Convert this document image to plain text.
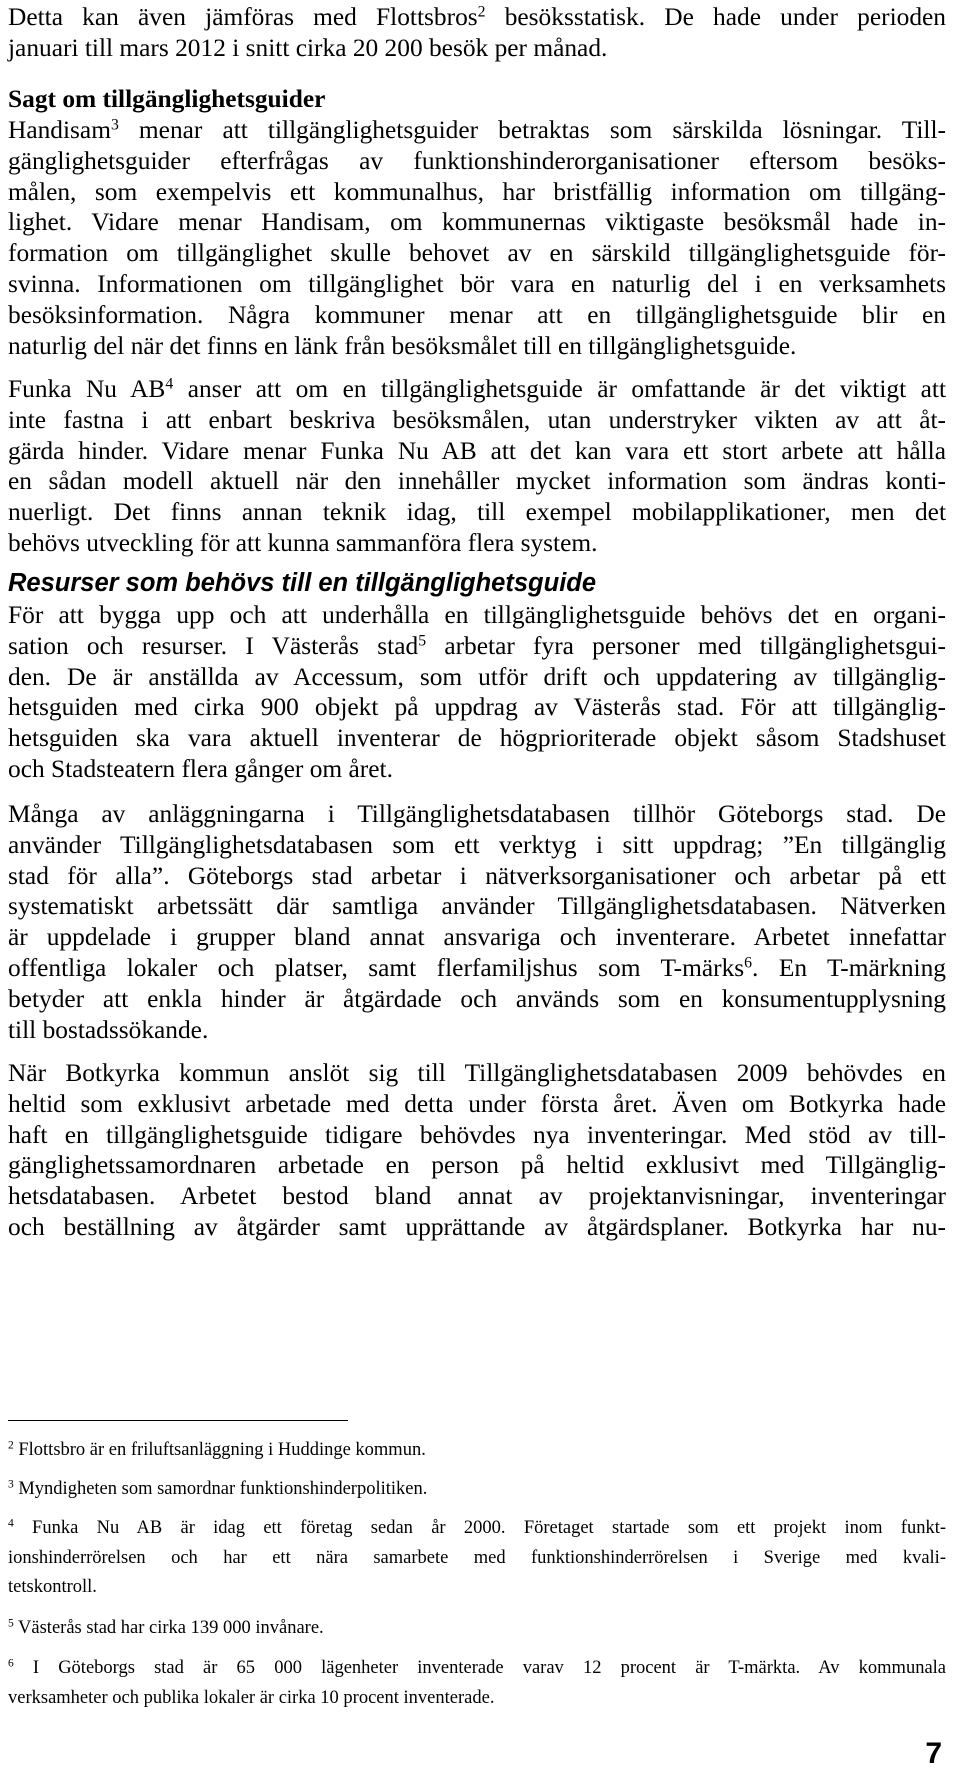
Detta kan även jämföras med Flottsbros$^2$ besöksstatisk. De hade under perioden
januari till mars 2012 i snitt cirka 20 200 besök per månad.

Sagt om tillgänglighetsguider

Handisam$^3$ menar att tillgänglighetsguider betraktas som särskilda lösningar. Till-
gänglighetsguider efterfrågas av funktionshinderorganisationer eftersom besöks-
målen, som exempelvis ett kommunalhus, har bristfällig information om tillgäng-
lighet. Vidare menar Handisam, om kommunernas viktigaste besöksmål hade in-
formation om tillgänglighet skulle behovet av en särskild tillgänglighetsguide för-
svinna. Informationen om tillgänglighet bör vara en naturlig del i en verksamhets
besöksinformation. Några kommuner menar att en tillgänglighetsguide blir en
naturlig del när det finns en länk från besöksmålet till en tillgänglighetsguide.

Funka Nu $AB^4$ anser att om en tillgänglighetsguide är omfattande är det viktigt att
inte fastna i att enbart beskriva besöksmålen, utan understryker vikten av att åt-
gärda hinder. Vidare menar Funka Nu AB att det kan vara ett stort arbete att hålla
en sådan modell aktuell när den innehåller mycket information som ändras konti-
nuerligt. Det finns annan teknik idag, till exempel mobilapplikationer, men det
behövs utveckling för att kunna sammanföra flera system.

Resurser som behövs till en tillgänglighetsguide

För att bygga upp och att underhålla en tillgänglighetsguide behövs det en organi-
sation och resurser. I Västerås stad$^5$ arbetar fyra personer med tillgänglighetsgui-
den. De är anställda av Accessum, som utför drift och uppdatering av tillgänglig-
hetsguiden med cirka 900 objekt på uppdrag av Västerås stad. För att tillgänglig-
hetsguiden ska vara aktuell inventerar de högprioriterade objekt såsom Stadshuset
och Stadsteatern flera gånger om året.

Många av anläggningarna i Tillgänglighetsdatabasen tillhör Göteborgs stad. De
använder Tillgänglighetsdatabasen som ett verktyg i sitt uppdrag; ”En tillgänglig
stad för alla”. Göteborgs stad arbetar i nätverksorganisationer och arbetar på ett
systematiskt arbetssätt där samtliga använder Tillgänglighetsdatabasen. Nätverken
är uppdelade i grupper bland annat ansvariga och inventerare. Arbetet innefattar
offentliga lokaler och platser, samt flerfamiljshus som T-märks$^6$. En T-märkning
betyder att enkla hinder är åtgärdade och används som en konsumentupplysning
till bostadssökande.

När Botkyrka kommun anslöt sig till Tillgänglighetsdatabasen 2009 behövdes en
heltid som exklusivt arbetade med detta under första året. Även om Botkyrka hade
haft en tillgänglighetsguide tidigare behövdes nya inventeringar. Med stöd av till-
gänglighetssamordnaren arbetade en person på heltid exklusivt med Tillgänglig-
hetsdatabasen. Arbetet bestod bland annat av projektanvisningar, inventeringar
och beställning av åtgärder samt upprättande av åtgärdsplaner. Botkyrka har nu-

$^2$ Flottsbro är en friluftsanläggning i Huddinge kommun.
$^3$ Myndigheten som samordnar funktionshinderpolitiken.
$^4$ Funka Nu AB är idag ett företag sedan år 2000. Företaget startade som ett projekt inom funkt-
ionshinderrörelsen och har ett nära samarbete med funktionshinderrörelsen i Sverige med kvali-
tetskontroll.
$^5$ Västerås stad har cirka 139 000 invånare.
$^6$ I Göteborgs stad är 65 000 lägenheter inventerade varav 12 procent är T-märkta. Av kommunala
verksamheter och publika lokaler är cirka 10 procent inventerade.
7
